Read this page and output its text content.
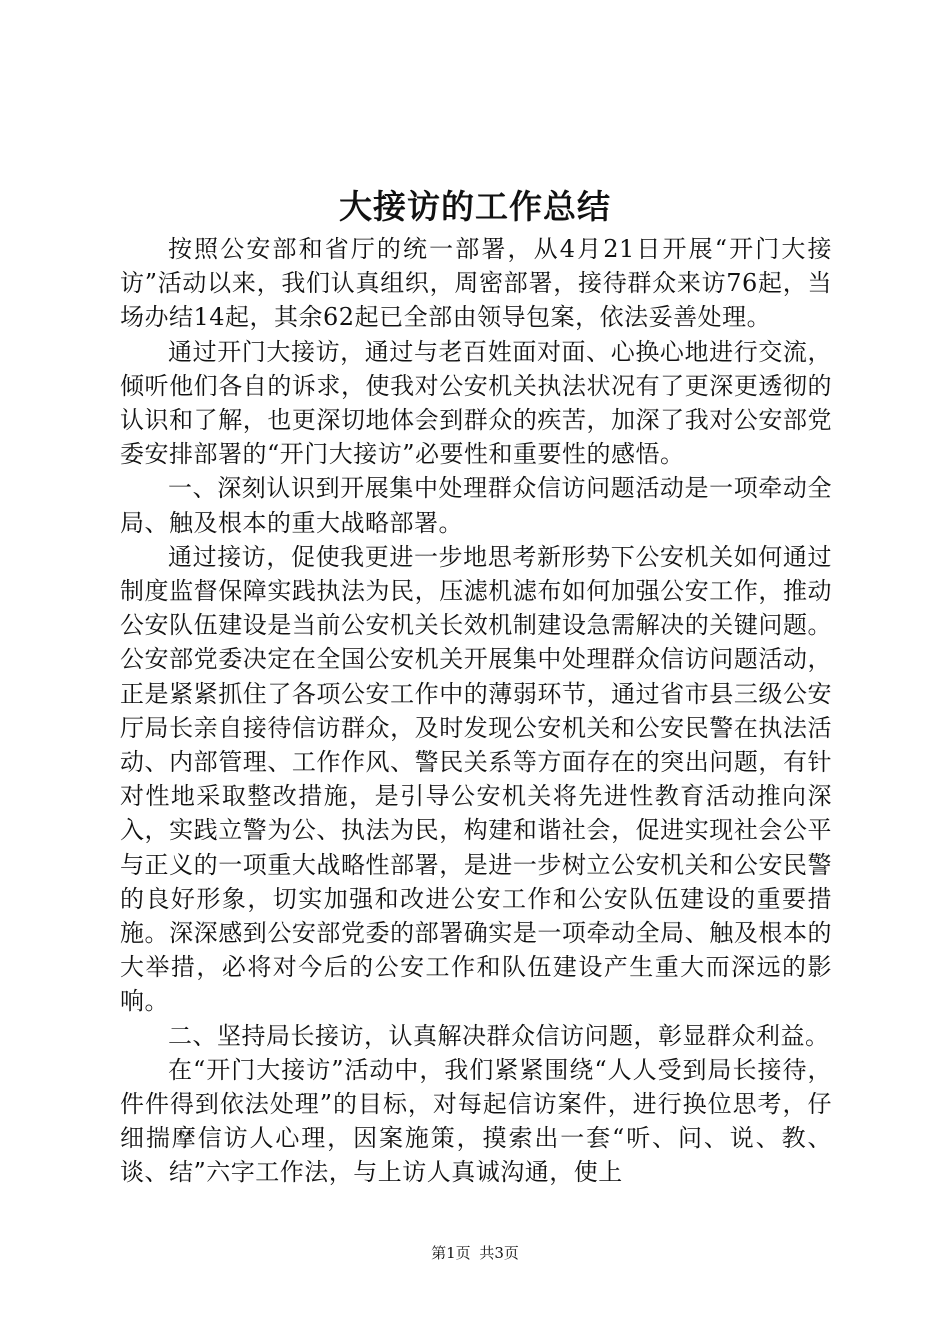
大接访的工作总结

按照公安部和省厅的统一部署，从4月21日开展“开门大接访”活动以来，我们认真组织，周密部署，接待群众来访76起，当场办结14起，其余62起已全部由领导包案，依法妥善处理。

通过开门大接访，通过与老百姓面对面、心换心地进行交流，倾听他们各自的诉求，使我对公安机关执法状况有了更深更透彻的认识和了解，也更深切地体会到群众的疾苦，加深了我对公安部党委安排部署的“开门大接访”必要性和重要性的感悟。

一、深刻认识到开展集中处理群众信访问题活动是一项牵动全局、触及根本的重大战略部署。

通过接访，促使我更进一步地思考新形势下公安机关如何通过制度监督保障实践执法为民，压滤机滤布如何加强公安工作，推动公安队伍建设是当前公安机关长效机制建设急需解决的关键问题。公安部党委决定在全国公安机关开展集中处理群众信访问题活动，正是紧紧抓住了各项公安工作中的薄弱环节，通过省市县三级公安厅局长亲自接待信访群众，及时发现公安机关和公安民警在执法活动、内部管理、工作作风、警民关系等方面存在的突出问题，有针对性地采取整改措施，是引导公安机关将先进性教育活动推向深入，实践立警为公、执法为民，构建和谐社会，促进实现社会公平与正义的一项重大战略性部署，是进一步树立公安机关和公安民警的良好形象，切实加强和改进公安工作和公安队伍建设的重要措施。深深感到公安部党委的部署确实是一项牵动全局、触及根本的大举措，必将对今后的公安工作和队伍建设产生重大而深远的影响。

二、坚持局长接访，认真解决群众信访问题，彰显群众利益。

在“开门大接访”活动中，我们紧紧围绕“人人受到局长接待，件件得到依法处理”的目标，对每起信访案件，进行换位思考，仔细揣摩信访人心理，因案施策，摸索出一套“听、问、说、教、谈、结”六字工作法，与上访人真诚沟通，使上

第1页 共3页
